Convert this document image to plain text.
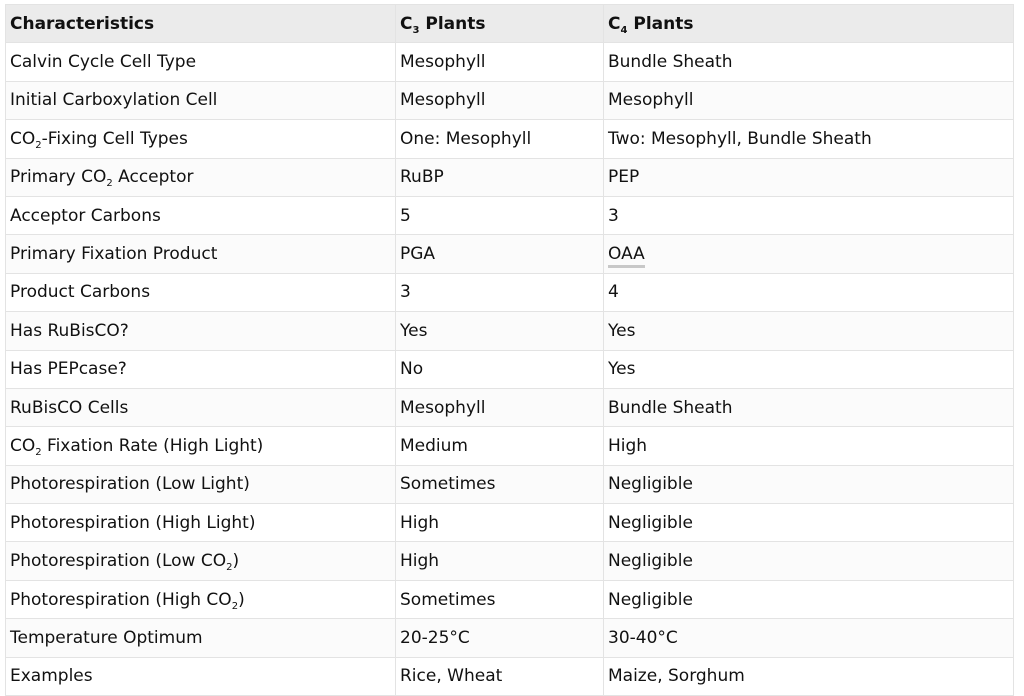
Characteristics	$C_3$ Plants	$C_4$ Plants
Calvin Cycle Cell Type	Mesophyll	Bundle Sheath
Initial Carboxylation Cell	Mesophyll	Mesophyll
$CO_2$-Fixing Cell Types	One: Mesophyll	Two: Mesophyll, Bundle Sheath
Primary $CO_2$ Acceptor	RuBP	PEP
Acceptor Carbons	5	3
Primary Fixation Product	PGA	OAA
Product Carbons	3	4
Has RuBisCO?	Yes	Yes
Has PEPcase?	No	Yes
RuBisCO Cells	Mesophyll	Bundle Sheath
$CO_2$ Fixation Rate (High Light)	Medium	High
Photorespiration (Low Light)	Sometimes	Negligible
Photorespiration (High Light)	High	Negligible
Photorespiration (Low $CO_2$)	High	Negligible
Photorespiration (High $CO_2$)	Sometimes	Negligible
Temperature Optimum	20-25°C	30-40°C
Examples	Rice, Wheat	Maize, Sorghum
